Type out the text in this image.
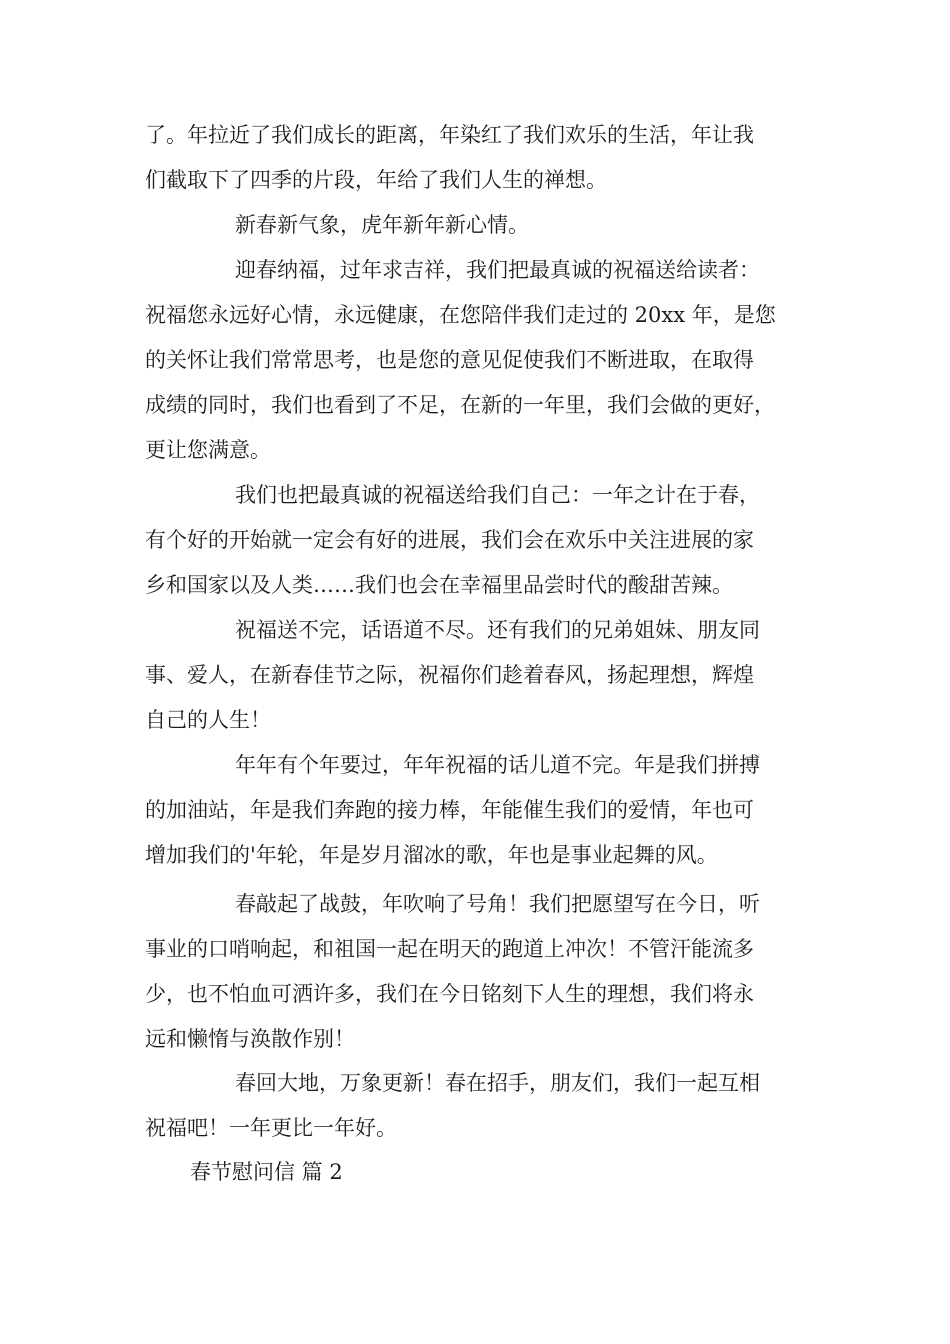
了。年拉近了我们成长的距离，年染红了我们欢乐的生活，年让我
们截取下了四季的片段，年给了我们人生的禅想。
新春新气象，虎年新年新心情。
迎春纳福，过年求吉祥，我们把最真诚的祝福送给读者：
祝福您永远好心情，永远健康，在您陪伴我们走过的 20xx 年，是您
的关怀让我们常常思考，也是您的意见促使我们不断进取，在取得
成绩的同时，我们也看到了不足，在新的一年里，我们会做的更好，
更让您满意。
我们也把最真诚的祝福送给我们自己：一年之计在于春，
有个好的开始就一定会有好的进展，我们会在欢乐中关注进展的家
乡和国家以及人类……我们也会在幸福里品尝时代的酸甜苦辣。
祝福送不完，话语道不尽。还有我们的兄弟姐妹、朋友同
事、爱人，在新春佳节之际，祝福你们趁着春风，扬起理想，辉煌
自己的人生！
年年有个年要过，年年祝福的话儿道不完。年是我们拼搏
的加油站，年是我们奔跑的接力棒，年能催生我们的爱情，年也可
增加我们的'年轮，年是岁月溜冰的歌，年也是事业起舞的风。
春敲起了战鼓，年吹响了号角！我们把愿望写在今日，听
事业的口哨响起，和祖国一起在明天的跑道上冲次！不管汗能流多
少，也不怕血可洒许多，我们在今日铭刻下人生的理想，我们将永
远和懒惰与涣散作别！
春回大地，万象更新！春在招手，朋友们，我们一起互相
祝福吧！一年更比一年好。
春节慰问信 篇 2
